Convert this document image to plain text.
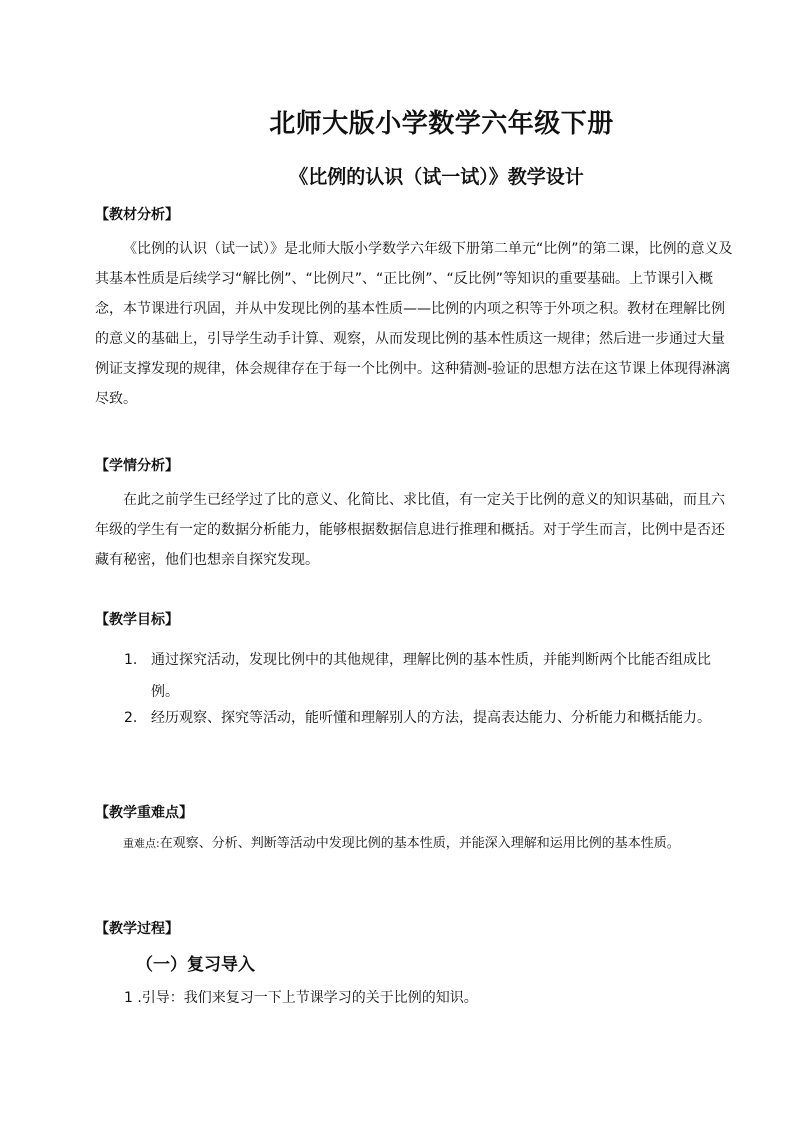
北师大版小学数学六年级下册
《比例的认识（试一试）》教学设计
【教材分析】

《比例的认识（试一试）》是北师大版小学数学六年级下册第二单元“比例”的第二课，比例的意义及其基本性质是后续学习“解比例”、“比例尺”、“正比例”、“反比例”等知识的重要基础。上节课引入概念，本节课进行巩固，并从中发现比例的基本性质——比例的内项之积等于外项之积。教材在理解比例的意义的基础上，引导学生动手计算、观察，从而发现比例的基本性质这一规律；然后进一步通过大量例证支撑发现的规律，体会规律存在于每一个比例中。这种猜测-验证的思想方法在这节课上体现得淋漓尽致。

【学情分析】

在此之前学生已经学过了比的意义、化简比、求比值，有一定关于比例的意义的知识基础，而且六年级的学生有一定的数据分析能力，能够根据数据信息进行推理和概括。对于学生而言，比例中是否还藏有秘密，他们也想亲自探究发现。

【教学目标】
1. 通过探究活动，发现比例中的其他规律，理解比例的基本性质，并能判断两个比能否组成比例。
2. 经历观察、探究等活动，能听懂和理解别人的方法，提高表达能力、分析能力和概括能力。
【教学重难点】

重难点:在观察、分析、判断等活动中发现比例的基本性质，并能深入理解和运用比例的基本性质。

【教学过程】
（一）复习导入
1 .引导：我们来复习一下上节课学习的关于比例的知识。
